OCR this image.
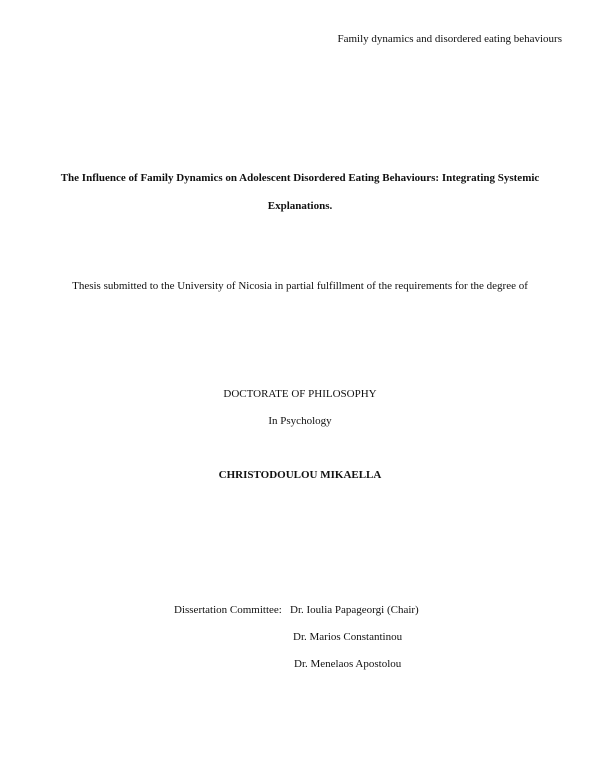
Family dynamics and disordered eating behaviours
The Influence of Family Dynamics on Adolescent Disordered Eating Behaviours: Integrating Systemic
Explanations.
Thesis submitted to the University of Nicosia in partial fulfillment of the requirements for the degree of
DOCTORATE OF PHILOSOPHY
In Psychology
CHRISTODOULOU MIKAELLA
Dissertation Committee: Dr. Ioulia Papageorgi (Chair)
Dr. Marios Constantinou
Dr. Menelaos Apostolou
